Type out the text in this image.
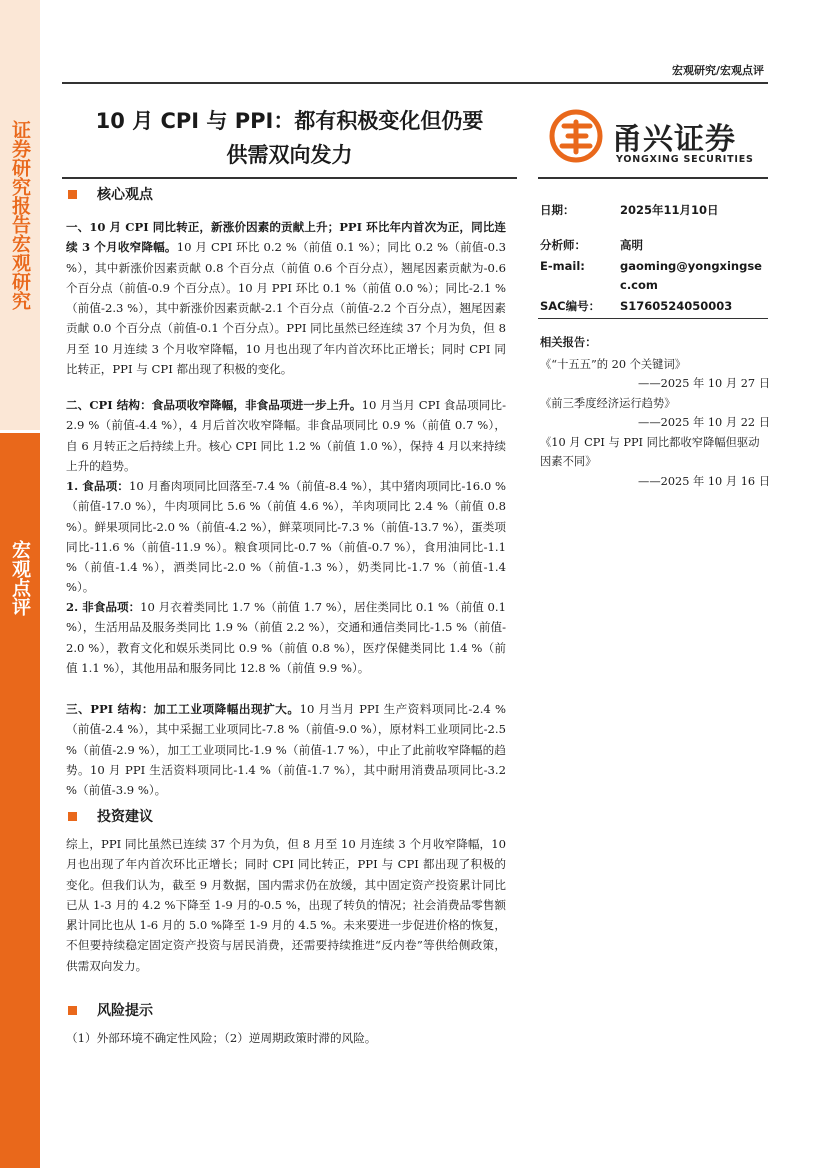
证券研究报告宏观研究
宏观点评
宏观研究/宏观点评
10 月 CPI 与 PPI：都有积极变化但仍要
供需双向发力	甬兴证券
YONGXING SECURITIES
核心观点
一、10 月 CPI 同比转正，新涨价因素的贡献上升；PPI 环比年内首次为正，同比连续 3 个月收窄降幅。10 月 CPI 环比 0.2 %（前值 0.1 %）；同比 0.2 %（前值-0.3 %），其中新涨价因素贡献 0.8 个百分点（前值 0.6 个百分点），翘尾因素贡献为-0.6 个百分点（前值-0.9 个百分点）。10 月 PPI 环比 0.1 %（前值 0.0 %）；同比-2.1 %（前值-2.3 %），其中新涨价因素贡献-2.1 个百分点（前值-2.2 个百分点），翘尾因素贡献 0.0 个百分点（前值-0.1 个百分点）。PPI 同比虽然已经连续 37 个月为负，但 8 月至 10 月连续 3 个月收窄降幅，10 月也出现了年内首次环比正增长；同时 CPI 同比转正，PPI 与 CPI 都出现了积极的变化。
二、CPI 结构：食品项收窄降幅，非食品项进一步上升。10 月当月 CPI 食品项同比-2.9 %（前值-4.4 %），4 月后首次收窄降幅。非食品项同比 0.9 %（前值 0.7 %），自 6 月转正之后持续上升。核心 CPI 同比 1.2 %（前值 1.0 %），保持 4 月以来持续上升的趋势。
1. 食品项：10 月畜肉项同比回落至-7.4 %（前值-8.4 %），其中猪肉项同比-16.0 %（前值-17.0 %），牛肉项同比 5.6 %（前值 4.6 %），羊肉项同比 2.4 %（前值 0.8 %）。鲜果项同比-2.0 %（前值-4.2 %），鲜菜项同比-7.3 %（前值-13.7 %），蛋类项同比-11.6 %（前值-11.9 %）。粮食项同比-0.7 %（前值-0.7 %），食用油同比-1.1 %（前值-1.4 %），酒类同比-2.0 %（前值-1.3 %），奶类同比-1.7 %（前值-1.4 %）。
2. 非食品项：10 月衣着类同比 1.7 %（前值 1.7 %），居住类同比 0.1 %（前值 0.1 %），生活用品及服务类同比 1.9 %（前值 2.2 %），交通和通信类同比-1.5 %（前值-2.0 %），教育文化和娱乐类同比 0.9 %（前值 0.8 %），医疗保健类同比 1.4 %（前值 1.1 %），其他用品和服务同比 12.8 %（前值 9.9 %）。
三、PPI 结构：加工工业项降幅出现扩大。10 月当月 PPI 生产资料项同比-2.4 %（前值-2.4 %），其中采掘工业项同比-7.8 %（前值-9.0 %），原材料工业项同比-2.5 %（前值-2.9 %），加工工业项同比-1.9 %（前值-1.7 %），中止了此前收窄降幅的趋势。10 月 PPI 生活资料项同比-1.4 %（前值-1.7 %），其中耐用消费品项同比-3.2 %（前值-3.9 %）。
投资建议
综上，PPI 同比虽然已连续 37 个月为负，但 8 月至 10 月连续 3 个月收窄降幅，10 月也出现了年内首次环比正增长；同时 CPI 同比转正，PPI 与 CPI 都出现了积极的变化。但我们认为，截至 9 月数据，国内需求仍在放缓，其中固定资产投资累计同比已从 1-3 月的 4.2 %下降至 1-9 月的-0.5 %，出现了转负的情况；社会消费品零售额累计同比也从 1-6 月的 5.0 %降至 1-9 月的 4.5 %。未来要进一步促进价格的恢复，不但要持续稳定固定资产投资与居民消费，还需要持续推进“反内卷”等供给侧政策，供需双向发力。
风险提示
（1）外部环境不确定性风险；（2）逆周期政策时滞的风险。
日期：	2025年11月10日
分析师：	高明
E-mail:	gaoming@yongxingsec.com
SAC编号： S1760524050003
相关报告：
《“十五五”的 20 个关键词》
——2025 年 10 月 27 日
《前三季度经济运行趋势》
——2025 年 10 月 22 日
《10 月 CPI 与 PPI 同比都收窄降幅但驱动因素不同》
——2025 年 10 月 16 日
